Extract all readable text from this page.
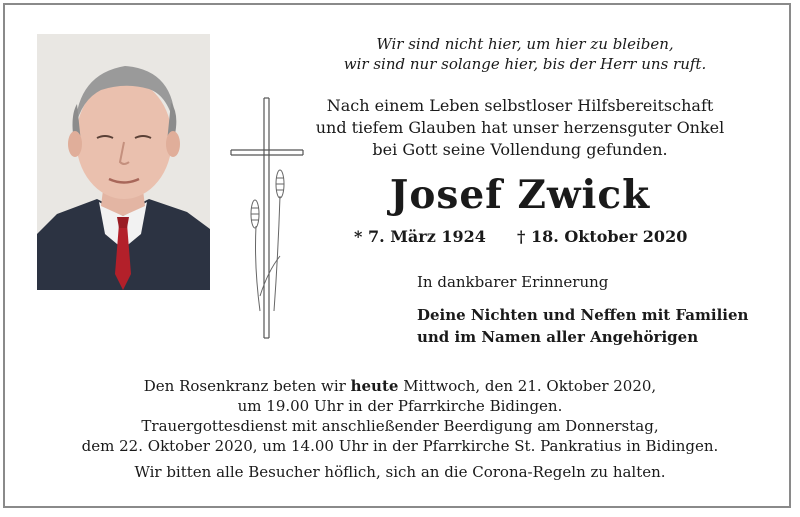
Wir sind nicht hier, um hier zu bleiben,
wir sind nur solange hier, bis der Herr uns ruft.
Nach einem Leben selbstloser Hilfsbereitschaft
und tiefem Glauben hat unser herzensguter Onkel
bei Gott seine Vollendung gefunden.
Josef Zwick
* 7. März 1924 † 18. Oktober 2020
In dankbarer Erinnerung
Deine Nichten und Neffen mit Familien
und im Namen aller Angehörigen
Den Rosenkranz beten wir heute Mittwoch, den 21. Oktober 2020,
um 19.00 Uhr in der Pfarrkirche Bidingen.
Trauergottesdienst mit anschließender Beerdigung am Donnerstag,
dem 22. Oktober 2020, um 14.00 Uhr in der Pfarrkirche St. Pankratius in Bidingen.
Wir bitten alle Besucher höflich, sich an die Corona-Regeln zu halten.
